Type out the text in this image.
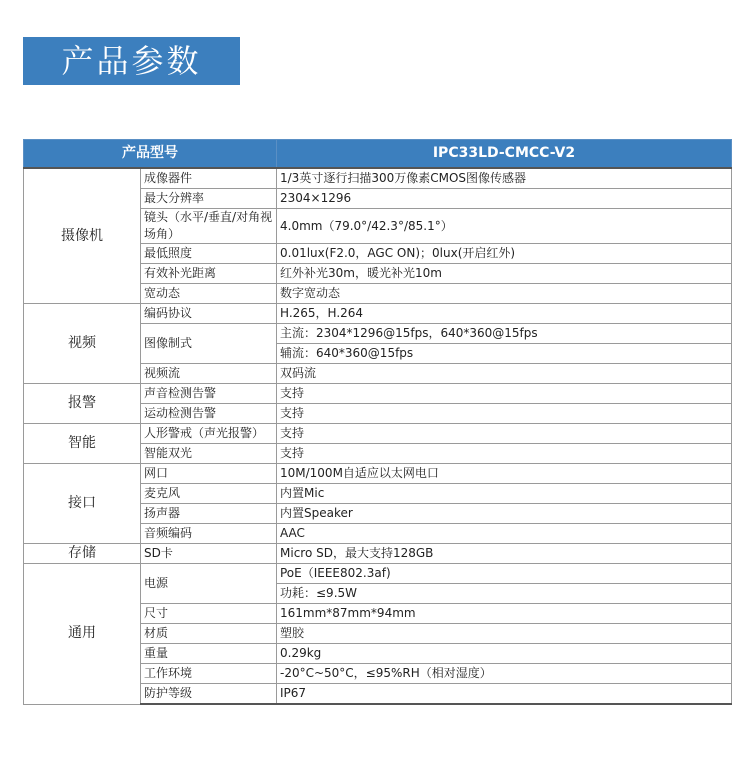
产品参数
产品型号		IPC33LD-CMCC-V2
摄像机	成像器件	1/3英寸逐行扫描300万像素CMOS图像传感器
	最大分辨率	2304×1296
	镜头（水平/垂直/对角视场角）	4.0mm（79.0°/42.3°/85.1°）

	最低照度	0.01lux(F2.0，AGC ON)；0lux(开启红外)
	有效补光距离	红外补光30m，暖光补光10m
	宽动态	数字宽动态
视频	编码协议	H.265，H.264
	图像制式	主流：2304*1296@15fps，640*360@15fps
		辅流：640*360@15fps
	视频流	双码流
报警	声音检测告警	支持
	运动检测告警	支持
智能	人形警戒（声光报警）	支持
	智能双光	支持
接口	网口	10M/100M自适应以太网电口
	麦克风	内置Mic
	扬声器	内置Speaker
	音频编码	AAC
存储	SD卡	Micro SD，最大支持128GB
通用	电源	PoE（IEEE802.3af)
		功耗：≤9.5W
	尺寸	161mm*87mm*94mm
	材质	塑胶
	重量	0.29kg
	工作环境	-20°C~50°C，≤95%RH（相对湿度）
	防护等级	IP67
